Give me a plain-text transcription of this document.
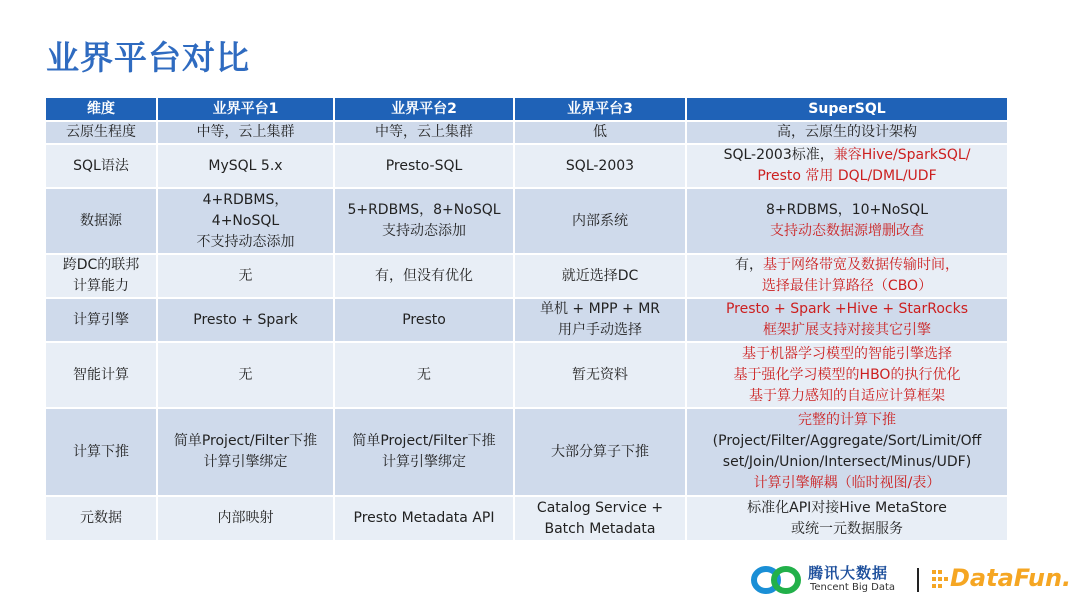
业界平台对比
维度	业界平台1	业界平台2	业界平台3	SuperSQL

云原生程度	中等，云上集群	中等，云上集群	低	高，云原生的设计架构

SQL语法	MySQL 5.x	Presto-SQL	SQL-2003	SQL-2003标准，兼容Hive/SparkSQL/
Presto 常用 DQL/DML/UDF

数据源	4+RDBMS，
4+NoSQL
不支持动态添加	5+RDBMS，8+NoSQL
支持动态添加	内部系统	8+RDBMS，10+NoSQL
支持动态数据源增删改查

跨DC的联邦
计算能力	无	有，但没有优化	就近选择DC	有，基于网络带宽及数据传输时间，
选择最佳计算路径（CBO）

计算引擎	Presto + Spark	Presto	单机 + MPP + MR
用户手动选择	Presto + Spark +Hive + StarRocks
框架扩展支持对接其它引擎

智能计算	无	无	暂无资料	基于机器学习模型的智能引擎选择
基于强化学习模型的HBO的执行优化
基于算力感知的自适应计算框架

计算下推	简单Project/Filter下推
计算引擎绑定	简单Project/Filter下推
计算引擎绑定	大部分算子下推	完整的计算下推
(Project/Filter/Aggregate/Sort/Limit/Off
set/Join/Union/Intersect/Minus/UDF)
计算引擎解耦（临时视图/表）

元数据	内部映射	Presto Metadata API	Catalog Service +
Batch Metadata	标准化API对接Hive MetaStore
或统一元数据服务
腾讯大数据
Tencent Big Data DataFun.
